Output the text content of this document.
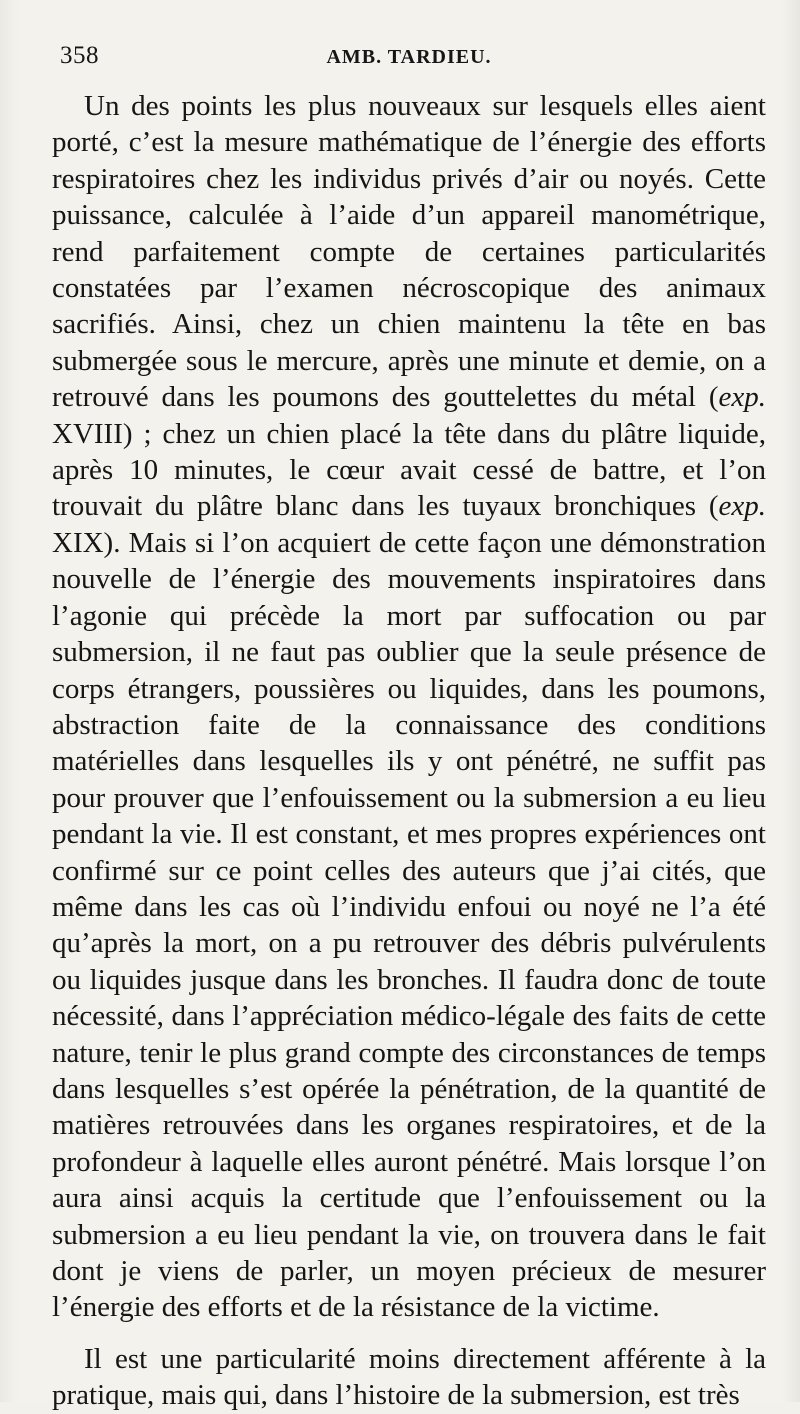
358	AMB. TARDIEU.

Un des points les plus nouveaux sur lesquels elles aient porté, c’est la mesure mathématique de l’énergie des efforts respiratoires chez les individus privés d’air ou noyés. Cette puissance, calculée à l’aide d’un appareil manométrique, rend parfaitement compte de certaines particularités constatées par l’examen nécroscopique des animaux sacrifiés. Ainsi, chez un chien maintenu la tête en bas submergée sous le mercure, après une minute et demie, on a retrouvé dans les poumons des gouttelettes du métal (exp. XVIII) ; chez un chien placé la tête dans du plâtre liquide, après 10 minutes, le cœur avait cessé de battre, et l’on trouvait du plâtre blanc dans les tuyaux bronchiques (exp. XIX). Mais si l’on acquiert de cette façon une démonstration nouvelle de l’énergie des mouvements inspiratoires dans l’agonie qui précède la mort par suffocation ou par submersion, il ne faut pas oublier que la seule présence de corps étrangers, poussières ou liquides, dans les poumons, abstraction faite de la connaissance des conditions matérielles dans lesquelles ils y ont pénétré, ne suffit pas pour prouver que l’enfouissement ou la submersion a eu lieu pendant la vie. Il est constant, et mes propres expériences ont confirmé sur ce point celles des auteurs que j’ai cités, que même dans les cas où l’individu enfoui ou noyé ne l’a été qu’après la mort, on a pu retrouver des débris pulvérulents ou liquides jusque dans les bronches. Il faudra donc de toute nécessité, dans l’appréciation médico-légale des faits de cette nature, tenir le plus grand compte des circonstances de temps dans lesquelles s’est opérée la pénétration, de la quantité de matières retrouvées dans les organes respiratoires, et de la profondeur à laquelle elles auront pénétré. Mais lorsque l’on aura ainsi acquis la certitude que l’enfouissement ou la submersion a eu lieu pendant la vie, on trouvera dans le fait dont je viens de parler, un moyen précieux de mesurer l’énergie des efforts et de la résistance de la victime.

Il est une particularité moins directement afférente à la pratique, mais qui, dans l’histoire de la submersion, est très
